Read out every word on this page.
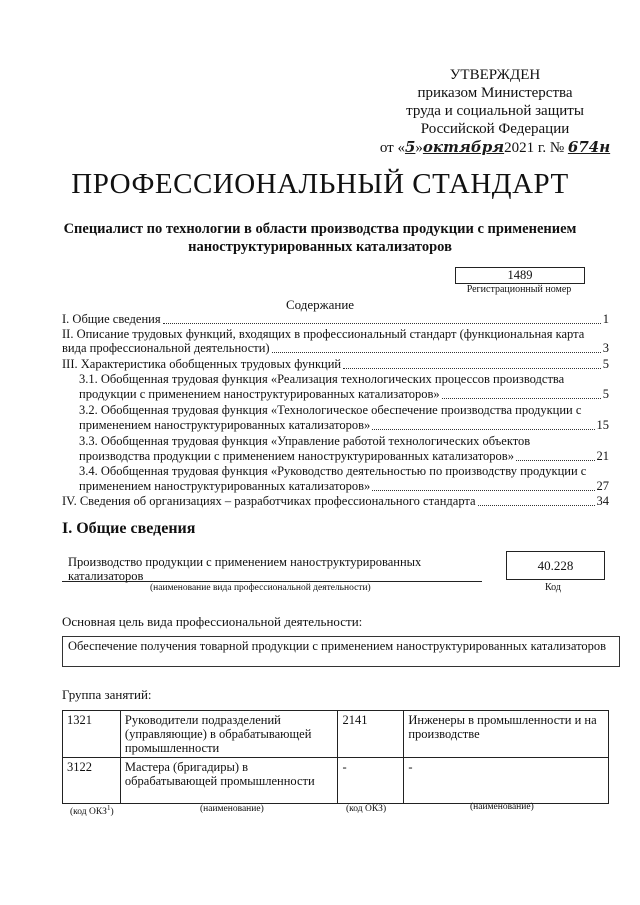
УТВЕРЖДЕН
приказом Министерства
труда и социальной защиты
Российской Федерации
от «5»октября2021 г. № 674н
ПРОФЕССИОНАЛЬНЫЙ СТАНДАРТ
Специалист по технологии в области производства продукции с применением наноструктурированных катализаторов
1489
Регистрационный номер
Содержание
I. Общие сведения	1
II. Описание трудовых функций, входящих в профессиональный стандарт (функциональная карта
вида профессиональной деятельности)	3
III. Характеристика обобщенных трудовых функций	5
3.1. Обобщенная трудовая функция «Реализация технологических процессов производства
продукции с применением наноструктурированных катализаторов»	5
3.2. Обобщенная трудовая функция «Технологическое обеспечение производства продукции с
применением наноструктурированных катализаторов»	15
3.3. Обобщенная трудовая функция «Управление работой технологических объектов
производства продукции с применением наноструктурированных катализаторов»	21
3.4. Обобщенная трудовая функция «Руководство деятельностью по производству продукции с
применением наноструктурированных катализаторов»	27
IV. Сведения об организациях – разработчиках профессионального стандарта	34
I. Общие сведения
Производство продукции с применением наноструктурированных
катализаторов
(наименование вида профессиональной деятельности)
40.228
Код
Основная цель вида профессиональной деятельности:
Обеспечение получения товарной продукции с применением наноструктурированных катализаторов
Группа занятий:
1321	Руководители подразделений (управляющие) в обрабатывающей промышленности	2141	Инженеры в промышленности и на производстве
3122	Мастера (бригадиры) в обрабатывающей промышленности	-	-
(код ОКЗ$^1$)	(наименование)	(код ОКЗ)	(наименование)
